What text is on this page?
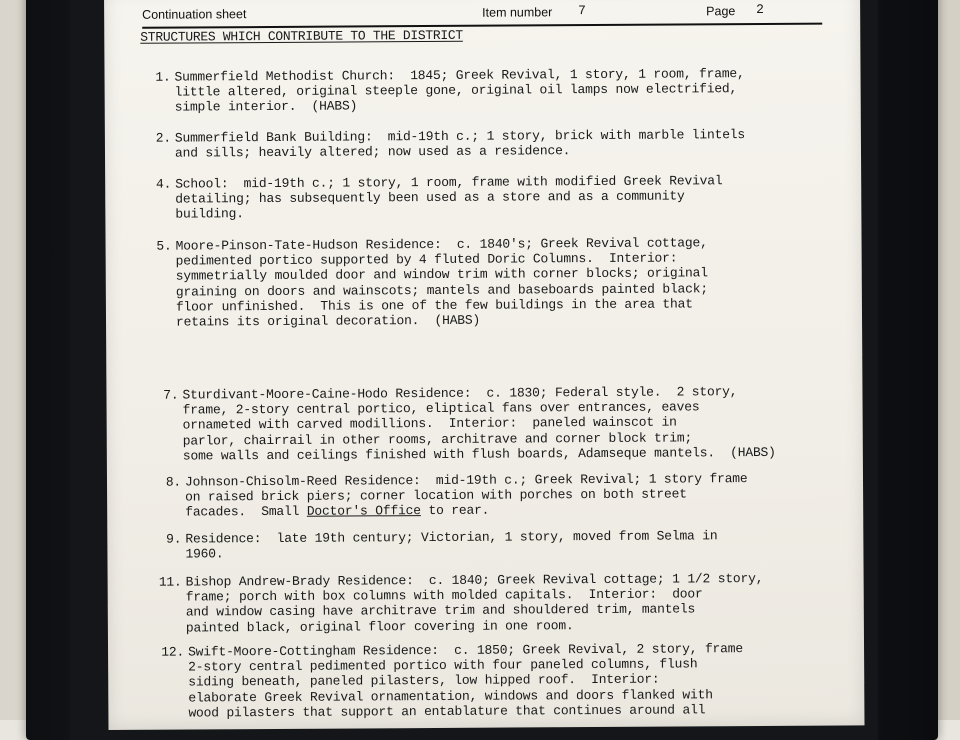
Continuation sheet	Item number 7	Page 2
STRUCTURES WHICH CONTRIBUTE TO THE DISTRICT
1. Summerfield Methodist Church:  1845; Greek Revival, 1 story, 1 room, frame,
little altered, original steeple gone, original oil lamps now electrified,
simple interior.  (HABS)
2. Summerfield Bank Building:  mid-19th c.; 1 story, brick with marble lintels
and sills; heavily altered; now used as a residence.
4. School:  mid-19th c.; 1 story, 1 room, frame with modified Greek Revival
detailing; has subsequently been used as a store and as a community
building.
5. Moore-Pinson-Tate-Hudson Residence:  c. 1840's; Greek Revival cottage,
pedimented portico supported by 4 fluted Doric Columns.  Interior:
symmetrially moulded door and window trim with corner blocks; original
graining on doors and wainscots; mantels and baseboards painted black;
floor unfinished.  This is one of the few buildings in the area that
retains its original decoration.  (HABS)
7. Sturdivant-Moore-Caine-Hodo Residence:  c. 1830; Federal style.  2 story,
frame, 2-story central portico, eliptical fans over entrances, eaves
ornameted with carved modillions.  Interior:  paneled wainscot in
parlor, chairrail in other rooms, architrave and corner block trim;
some walls and ceilings finished with flush boards, Adamseque mantels.  (HABS)
8. Johnson-Chisolm-Reed Residence:  mid-19th c.; Greek Revival; 1 story frame
on raised brick piers; corner location with porches on both street
facades.  Small Doctor's Office to rear.
9. Residence:  late 19th century; Victorian, 1 story, moved from Selma in
1960.
11. Bishop Andrew-Brady Residence:  c. 1840; Greek Revival cottage; 1 1/2 story,
frame; porch with box columns with molded capitals.  Interior:  door
and window casing have architrave trim and shouldered trim, mantels
painted black, original floor covering in one room.
12. Swift-Moore-Cottingham Residence:  c. 1850; Greek Revival, 2 story, frame
2-story central pedimented portico with four paneled columns, flush
siding beneath, paneled pilasters, low hipped roof.  Interior:
elaborate Greek Revival ornamentation, windows and doors flanked with
wood pilasters that support an entablature that continues around all
